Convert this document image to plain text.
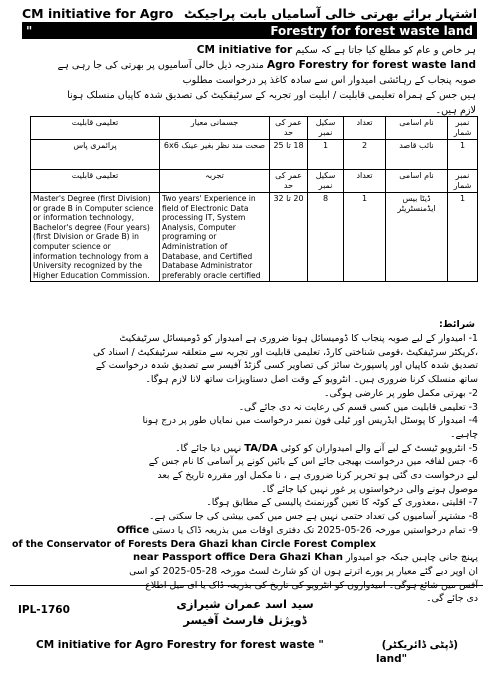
CM initiative for Agro اشتہار برائے بھرتی خالی آسامیاں بابت پراجیکٹ
"	Forestry for forest waste land
ہر خاص و عام کو مطلع کیا جاتا ہے کہ سکیم CM initiative for
Agro Forestry for forest waste land مندرجہ ذیل خالی آسامیوں پر بھرتی کی جا رہی ہے
صوبہ پنجاب کے رہائشی امیدوار اس سے سادہ کاغذ پر درخواست مطلوب
ہیں جس کے ہمراہ تعلیمی قابلیت / ابلیت اور تجربہ کے سرٹیفکیٹ کی تصدیق شدہ کاپیاں منسلک ہونا
لازم ہیں۔
نمبر شمار	نام اسامی	تعداد	سکیل نمبر	عمر کی حد	جسمانی معیار	تعلیمی قابلیت
1	نائب قاصد	2	1	18 تا 25	صحت مند نظر بغیر عینک 6x6	پرائمری پاس
نمبر شمار	نام اسامی	تعداد	سکیل نمبر	عمر کی حد	تجربہ	تعلیمی قابلیت
1	ڈیٹا بیس ایڈمنسٹریٹر	1	8	20 تا 32	Two years' Experience in field of Electronic Data processing IT, System Analysis, Computer programing or Administration of Database, and Certified Database Administrator preferably oracle certified	Master's Degree (first Division) or grade B in Computer science or information technology, Bachelor's degree (Four years) (first Division or Grade B) in computer science or information technology from a University recognized by the Higher Education Commission.
شرائط:
1- امیدوار کے لیے صوبہ پنجاب کا ڈومیسائل ہونا ضروری ہے امیدوار کو ڈومیسائل سرٹیفکیٹ
،کریکٹر سرٹیفکیٹ ،قومی شناختی کارڈ، تعلیمی قابلیت اور تجربہ سے متعلقہ سرٹیفکیٹ / اسناد کی
تصدیق شدہ کاپیاں اور پاسپورٹ سائز کی تصاویر کسی گزٹڈ آفیسر سے تصدیق شدہ درخواست کے
ساتھ منسلک کرنا ضروری ہیں۔ انٹرویو کے وقت اصل دستاویزات ساتھ لانا لازم ہوگا۔
2- بھرتی مکمل طور پر عارضی ہوگی۔
3- تعلیمی قابلیت میں کسی قسم کی رعایت نہ دی جائے گی۔
4- امیدوار کا پوسٹل ایڈریس اور ٹیلی فون نمبر درخواست میں نمایاں طور پر درج ہونا
چاہیے۔
5- انٹرویو ٹیسٹ کے لیے آنے والے امیدواران کو کوئی TA/DA نہیں دیا جائے گا۔
6- جس لفافہ میں درخواست بھیجی جائے اس کے بائیں کونے پر آسامی کا نام جس کے
لیے درخواست دی گئی ہو تحریر کرنا ضروری ہے ، نا مکمل اور مقررہ تاریخ کے بعد
موصول ہونے والی درخواستوں پر غور نہیں کیا جائے گا۔
7- اقلیتی ،معذوری کے کوٹہ کا تعین گورنمنٹ پالیسی کے مطابق ہوگا۔
8- مشتہر آسامیوں کی تعداد حتمی نہیں ہے جس میں کمی بیشی کی جا سکتی ہے۔
9- تمام درخواستیں مورخہ 26-05-2025 تک دفتری اوقات میں بذریعہ ڈاک یا دستی Office
of the Conservator of Forests Dera Ghazi khan Circle Forest Complex
پہنچ جانی چاہیں جبکہ جو امیدوار near Passport office Dera Ghazi Khan
ان اوپر دیے گئے معیار پر پورے اترتے ہوں ان کو شارٹ لسٹ مورخہ 28-05-2025 کو اسی
آفس میں شائع ہوگی۔ امیدواروں کو انٹرویو کی تاریخ کی بذریعہ ڈاک یا ای میل اطلاع
دی جائے گی۔
IPL-1760	سید اسد عمران شیرازی
ڈویژنل فارسٹ آفیسر
CM initiative for Agro Forestry for forest waste "
land"
(ڈپٹی ڈائریکٹر)
